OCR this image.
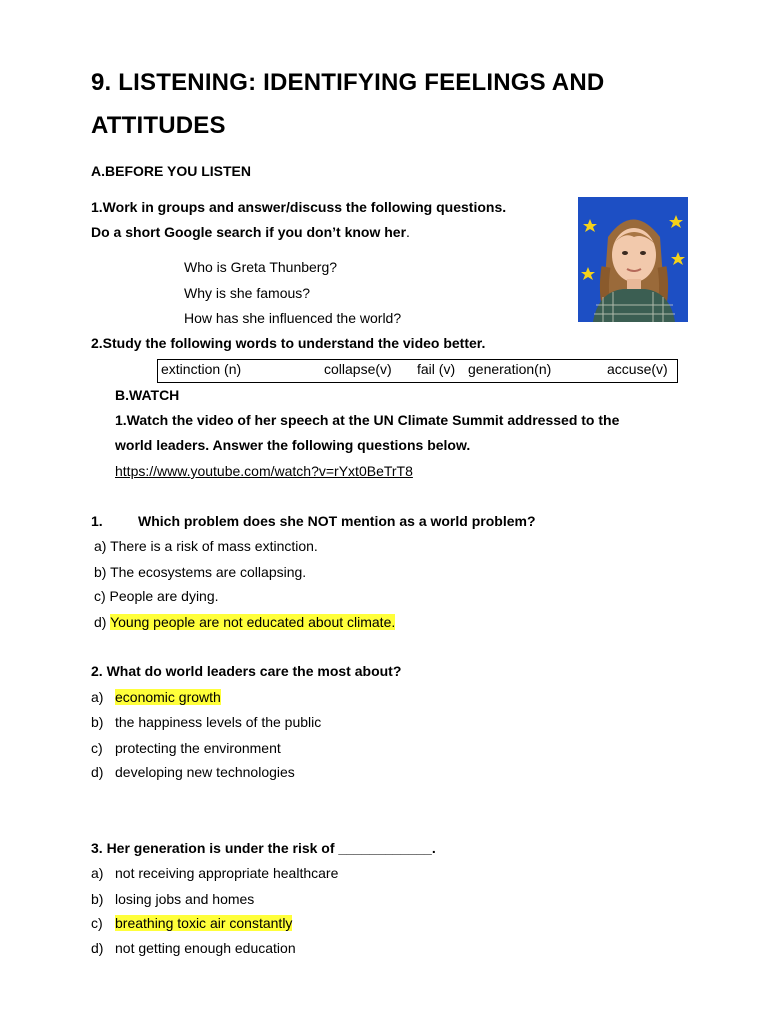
9. LISTENING: IDENTIFYING FEELINGS AND
ATTITUDES
A.BEFORE YOU LISTEN
1.Work in groups and answer/discuss the following questions.
Do a short Google search if you don’t know her.
Who is Greta Thunberg?
Why is she famous?
How has she influenced the world?
2.Study the following words to understand the video better.
extinction (n)	collapse(v) fail (v) generation(n)	accuse(v)
B.WATCH
1.Watch the video of her speech at the UN Climate Summit addressed to the
world leaders. Answer the following questions below.
https://www.youtube.com/watch?v=rYxt0BeTrT8
1.	Which problem does she NOT mention as a world problem?
a) There is a risk of mass extinction.
b) The ecosystems are collapsing.
c) People are dying.
d) Young people are not educated about climate.
2. What do world leaders care the most about?
a) economic growth
b) the happiness levels of the public
c) protecting the environment
d) developing new technologies
3. Her generation is under the risk of ____________.
a) not receiving appropriate healthcare
b) losing jobs and homes
c) breathing toxic air constantly
d) not getting enough education
